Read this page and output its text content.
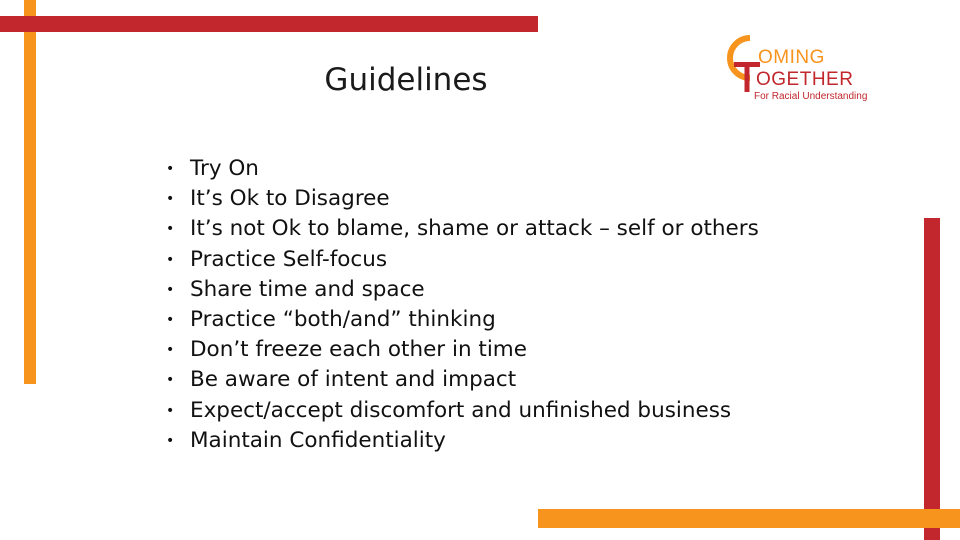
Guidelines
OMING
OGETHER
For Racial Understanding
• Try On
• It’s Ok to Disagree
• It’s not Ok to blame, shame or attack – self or others
• Practice Self-focus
• Share time and space
• Practice “both/and” thinking
• Don’t freeze each other in time
• Be aware of intent and impact
• Expect/accept discomfort and unfinished business
• Maintain Confidentiality
